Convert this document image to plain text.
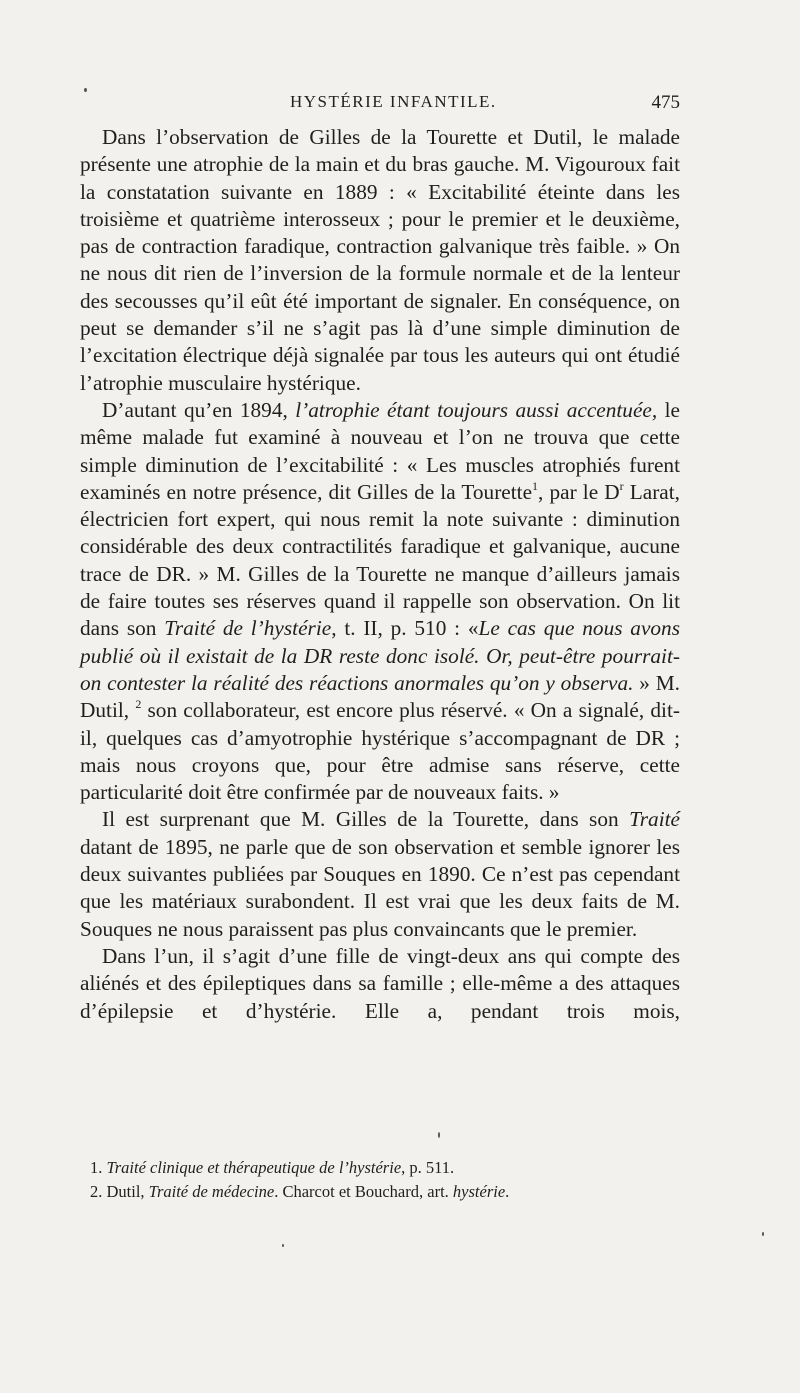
HYSTÉRIE INFANTILE.	475

Dans l’observation de Gilles de la Tourette et Dutil, le malade présente une atrophie de la main et du bras gauche. M. Vigouroux fait la constatation suivante en 1889 : « Excitabilité éteinte dans les troisième et quatrième interosseux ; pour le premier et le deuxième, pas de contraction faradique, contraction galvanique très faible. » On ne nous dit rien de l’inversion de la formule normale et de la lenteur des secousses qu’il eût été important de signaler. En conséquence, on peut se demander s’il ne s’agit pas là d’une simple diminution de l’excitation électrique déjà signalée par tous les auteurs qui ont étudié l’atrophie musculaire hystérique.

D’autant qu’en 1894, l’atrophie étant toujours aussi accentuée, le même malade fut examiné à nouveau et l’on ne trouva que cette simple diminution de l’excitabilité : « Les muscles atrophiés furent examinés en notre présence, dit Gilles de la Tourette$^1$, par le $D^r$ Larat, électricien fort expert, qui nous remit la note suivante : diminution considérable des deux contractilités faradique et galvanique, aucune trace de DR. » M. Gilles de la Tourette ne manque d’ailleurs jamais de faire toutes ses réserves quand il rappelle son observation. On lit dans son Traité de l’hystérie, t. II, p. 510 : «Le cas que nous avons publié où il existait de la DR reste donc isolé. Or, peut-être pourrait-on contester la réalité des réactions anormales qu’on y observa. » M. Dutil, $^2$ son collaborateur, est encore plus réservé. « On a signalé, dit-il, quelques cas d’amyotrophie hystérique s’accompagnant de DR ; mais nous croyons que, pour être admise sans réserve, cette particularité doit être confirmée par de nouveaux faits. »

Il est surprenant que M. Gilles de la Tourette, dans son Traité datant de 1895, ne parle que de son observation et semble ignorer les deux suivantes publiées par Souques en 1890. Ce n’est pas cependant que les matériaux surabondent. Il est vrai que les deux faits de M. Souques ne nous paraissent pas plus convaincants que le premier.

Dans l’un, il s’agit d’une fille de vingt-deux ans qui compte des aliénés et des épileptiques dans sa famille ; elle-même a des attaques d’épilepsie et d’hystérie. Elle a, pendant trois mois,

1. Traité clinique et thérapeutique de l’hystérie, p. 511.
2. Dutil, Traité de médecine. Charcot et Bouchard, art. hystérie.
